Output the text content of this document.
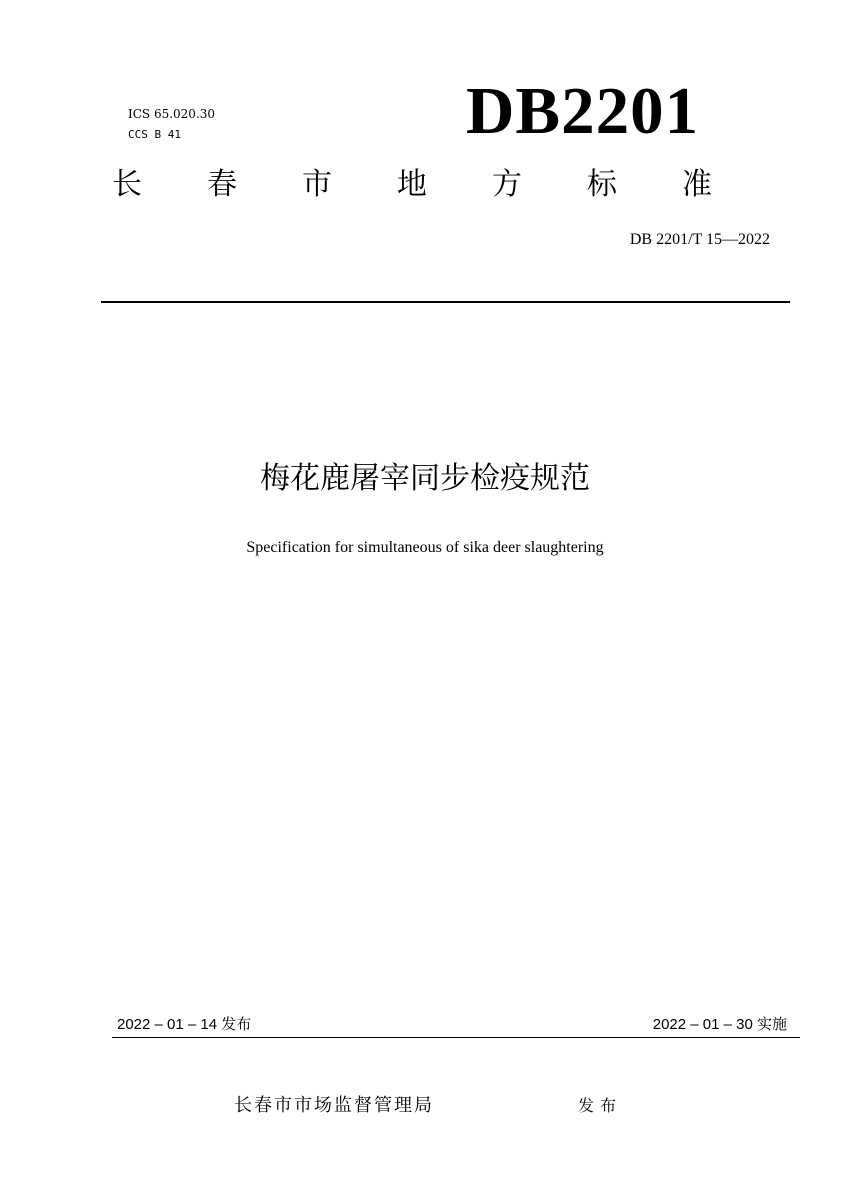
ICS 65.020.30
CCS B 41	DB2201
长 春 市 地 方 标 准
DB 2201/T 15—2022
梅花鹿屠宰同步检疫规范
Specification for simultaneous of sika deer slaughtering
2022 – 01 – 14 发布	2022 – 01 – 30 实施
长春市市场监督管理局	发布
